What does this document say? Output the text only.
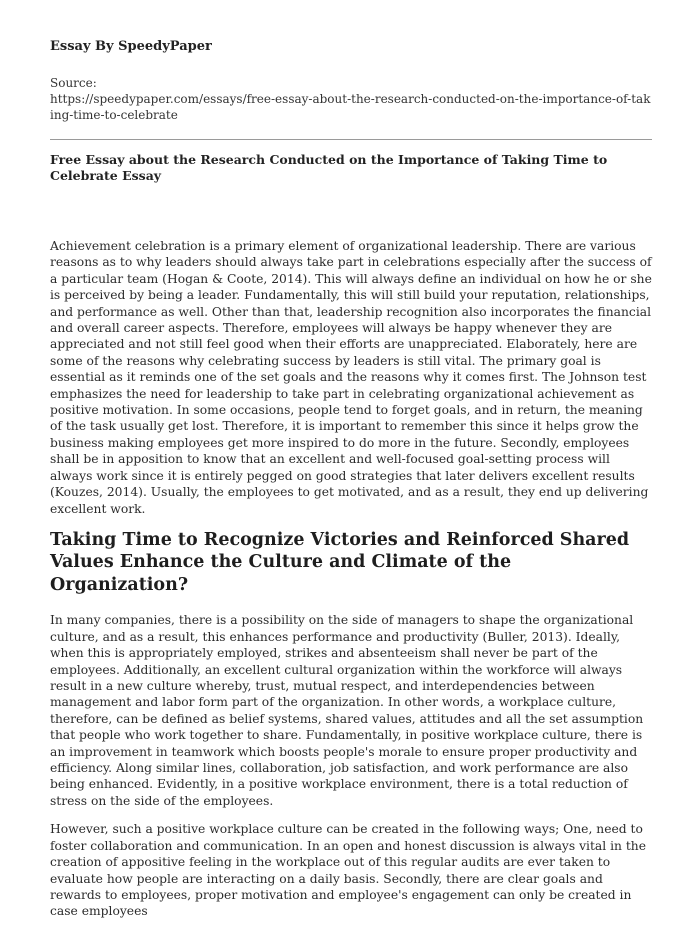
Essay By SpeedyPaper

Source:

https://speedypaper.com/essays/free-essay-about-the-research-conducted-on-the-importance-of-taking-time-to-celebrate

Free Essay about the Research Conducted on the Importance of Taking Time to Celebrate Essay

Achievement celebration is a primary element of organizational leadership. There are various reasons as to why leaders should always take part in celebrations especially after the success of a particular team (Hogan & Coote, 2014). This will always define an individual on how he or she is perceived by being a leader. Fundamentally, this will still build your reputation, relationships, and performance as well. Other than that, leadership recognition also incorporates the financial and overall career aspects. Therefore, employees will always be happy whenever they are appreciated and not still feel good when their efforts are unappreciated. Elaborately, here are some of the reasons why celebrating success by leaders is still vital. The primary goal is essential as it reminds one of the set goals and the reasons why it comes first. The Johnson test emphasizes the need for leadership to take part in celebrating organizational achievement as positive motivation. In some occasions, people tend to forget goals, and in return, the meaning of the task usually get lost. Therefore, it is important to remember this since it helps grow the business making employees get more inspired to do more in the future. Secondly, employees shall be in apposition to know that an excellent and well-focused goal-setting process will always work since it is entirely pegged on good strategies that later delivers excellent results (Kouzes, 2014). Usually, the employees to get motivated, and as a result, they end up delivering excellent work.

Taking Time to Recognize Victories and Reinforced Shared Values Enhance the Culture and Climate of the Organization?

In many companies, there is a possibility on the side of managers to shape the organizational culture, and as a result, this enhances performance and productivity (Buller, 2013). Ideally, when this is appropriately employed, strikes and absenteeism shall never be part of the employees. Additionally, an excellent cultural organization within the workforce will always result in a new culture whereby, trust, mutual respect, and interdependencies between management and labor form part of the organization. In other words, a workplace culture, therefore, can be defined as belief systems, shared values, attitudes and all the set assumption that people who work together to share. Fundamentally, in positive workplace culture, there is an improvement in teamwork which boosts people's morale to ensure proper productivity and efficiency. Along similar lines, collaboration, job satisfaction, and work performance are also being enhanced. Evidently, in a positive workplace environment, there is a total reduction of stress on the side of the employees.

However, such a positive workplace culture can be created in the following ways; One, need to foster collaboration and communication. In an open and honest discussion is always vital in the creation of appositive feeling in the workplace out of this regular audits are ever taken to evaluate how people are interacting on a daily basis. Secondly, there are clear goals and rewards to employees, proper motivation and employee's engagement can only be created in case employees
